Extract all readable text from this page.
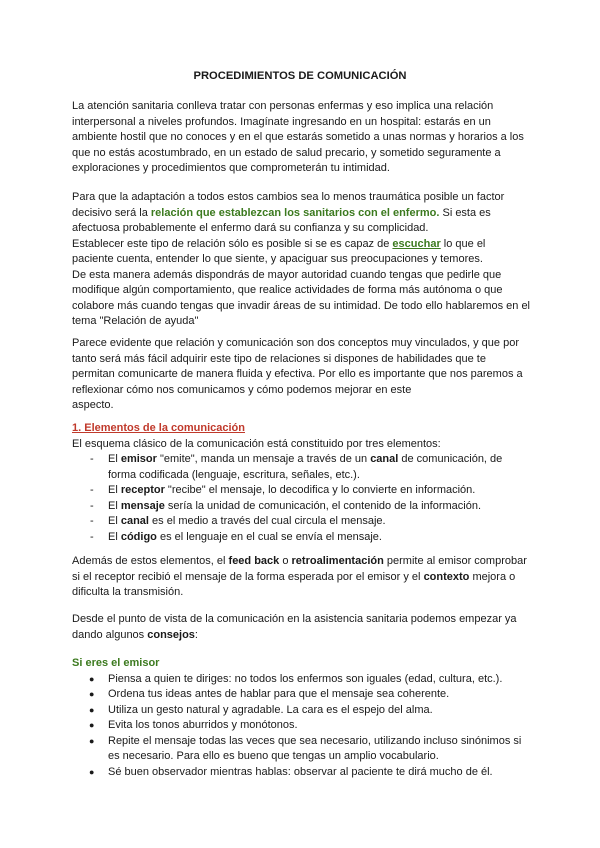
PROCEDIMIENTOS DE COMUNICACIÓN
La atención sanitaria conlleva tratar con personas enfermas y eso implica una relación interpersonal a niveles profundos. Imagínate ingresando en un hospital: estarás en un ambiente hostil que no conoces y en el que estarás sometido a unas normas y horarios a los que no estás acostumbrado, en un estado de salud precario, y sometido seguramente a exploraciones y procedimientos que comprometerán tu intimidad.
Para que la adaptación a todos estos cambios sea lo menos traumática posible un factor decisivo será la relación que establezcan los sanitarios con el enfermo. Si esta es afectuosa probablemente el enfermo dará su confianza y su complicidad.
Establecer este tipo de relación sólo es posible si se es capaz de escuchar lo que el paciente cuenta, entender lo que siente, y apaciguar sus preocupaciones y temores.
De esta manera además dispondrás de mayor autoridad cuando tengas que pedirle que modifique algún comportamiento, que realice actividades de forma más autónoma o que colabore más cuando tengas que invadir áreas de su intimidad. De todo ello hablaremos en el tema "Relación de ayuda"
Parece evidente que relación y comunicación son dos conceptos muy vinculados, y que por tanto será más fácil adquirir este tipo de relaciones si dispones de habilidades que te permitan comunicarte de manera fluida y efectiva. Por ello es importante que nos paremos a reflexionar cómo nos comunicamos y cómo podemos mejorar en este
aspecto.
1. Elementos de la comunicación
El esquema clásico de la comunicación está constituido por tres elementos:
- El emisor "emite", manda un mensaje a través de un canal de comunicación, de forma codificada (lenguaje, escritura, señales, etc.).
- El receptor "recibe" el mensaje, lo decodifica y lo convierte en información.
- El mensaje sería la unidad de comunicación, el contenido de la información.
- El canal es el medio a través del cual circula el mensaje.
- El código es el lenguaje en el cual se envía el mensaje.
Además de estos elementos, el feed back o retroalimentación permite al emisor comprobar si el receptor recibió el mensaje de la forma esperada por el emisor y el contexto mejora o dificulta la transmisión.
Desde el punto de vista de la comunicación en la asistencia sanitaria podemos empezar ya dando algunos consejos:
Si eres el emisor
● Piensa a quien te diriges: no todos los enfermos son iguales (edad, cultura, etc.).
● Ordena tus ideas antes de hablar para que el mensaje sea coherente.
● Utiliza un gesto natural y agradable. La cara es el espejo del alma.
● Evita los tonos aburridos y monótonos.
● Repite el mensaje todas las veces que sea necesario, utilizando incluso sinónimos si es necesario. Para ello es bueno que tengas un amplio vocabulario.
● Sé buen observador mientras hablas: observar al paciente te dirá mucho de él.
